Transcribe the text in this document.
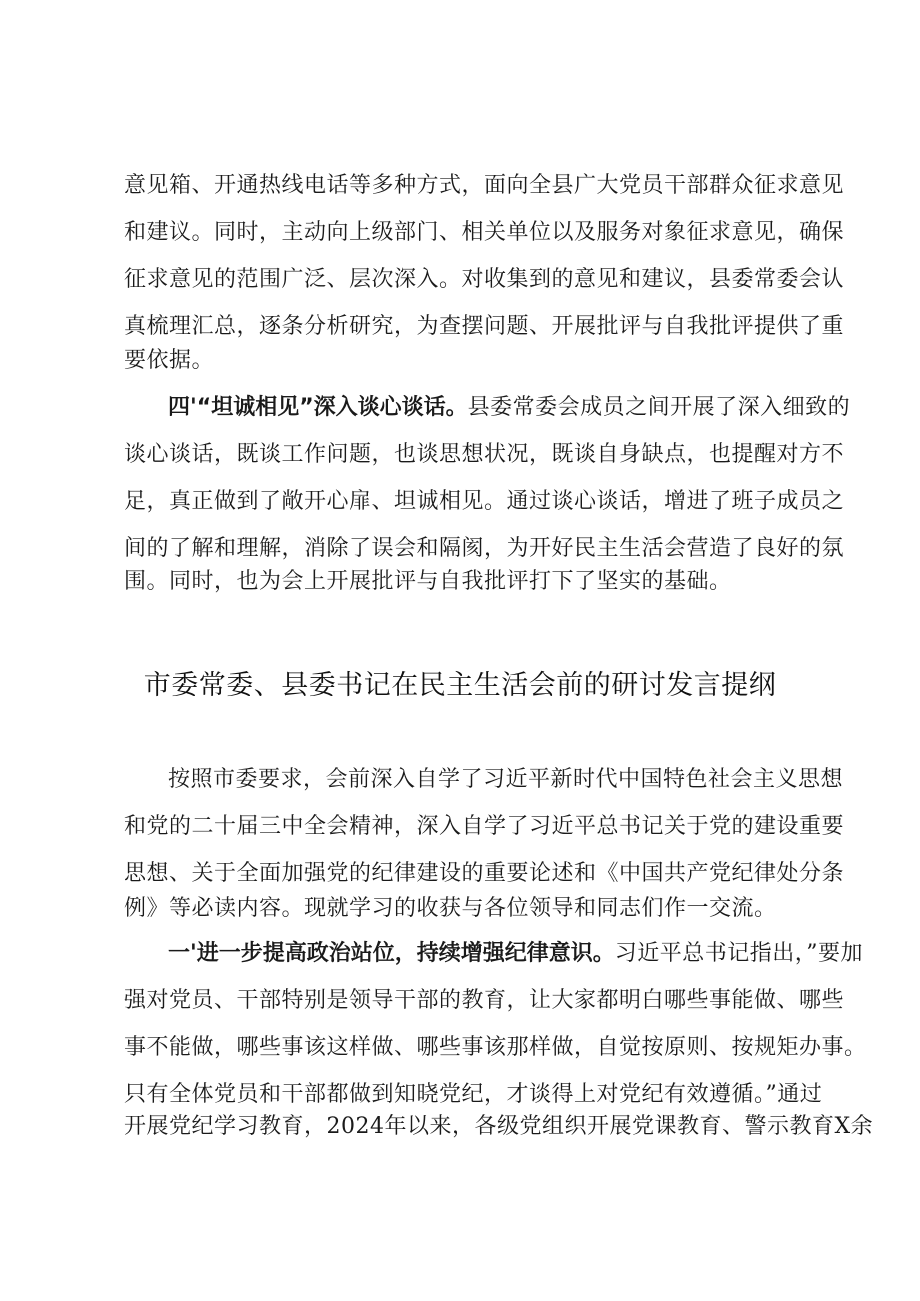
意见箱、开通热线电话等多种方式，面向全县广大党员干部群众征求意见
和建议。同时，主动向上级部门、相关单位以及服务对象征求意见，确保
征求意见的范围广泛、层次深入。对收集到的意见和建议，县委常委会认
真梳理汇总，逐条分析研究，为查摆问题、开展批评与自我批评提供了重
要依据。
四'“坦诚相见”深入谈心谈话。县委常委会成员之间开展了深入细致的
谈心谈话，既谈工作问题，也谈思想状况，既谈自身缺点，也提醒对方不
足，真正做到了敞开心扉、坦诚相见。通过谈心谈话，增进了班子成员之
间的了解和理解，消除了误会和隔阂，为开好民主生活会营造了良好的氛
围。同时，也为会上开展批评与自我批评打下了坚实的基础。
市委常委、县委书记在民主生活会前的研讨发言提纲
按照市委要求，会前深入自学了习近平新时代中国特色社会主义思想
和党的二十届三中全会精神，深入自学了习近平总书记关于党的建设重要
思想、关于全面加强党的纪律建设的重要论述和《中国共产党纪律处分条
例》等必读内容。现就学习的收获与各位领导和同志们作一交流。
一'进一步提高政治站位，持续增强纪律意识。习近平总书记指出，”要加
强对党员、干部特别是领导干部的教育，让大家都明白哪些事能做、哪些
事不能做，哪些事该这样做、哪些事该那样做，自觉按原则、按规矩办事。
只有全体党员和干部都做到知晓党纪，才谈得上对党纪有效遵循。”通过
开展党纪学习教育，2024年以来，各级党组织开展党课教育、警示教育X余
